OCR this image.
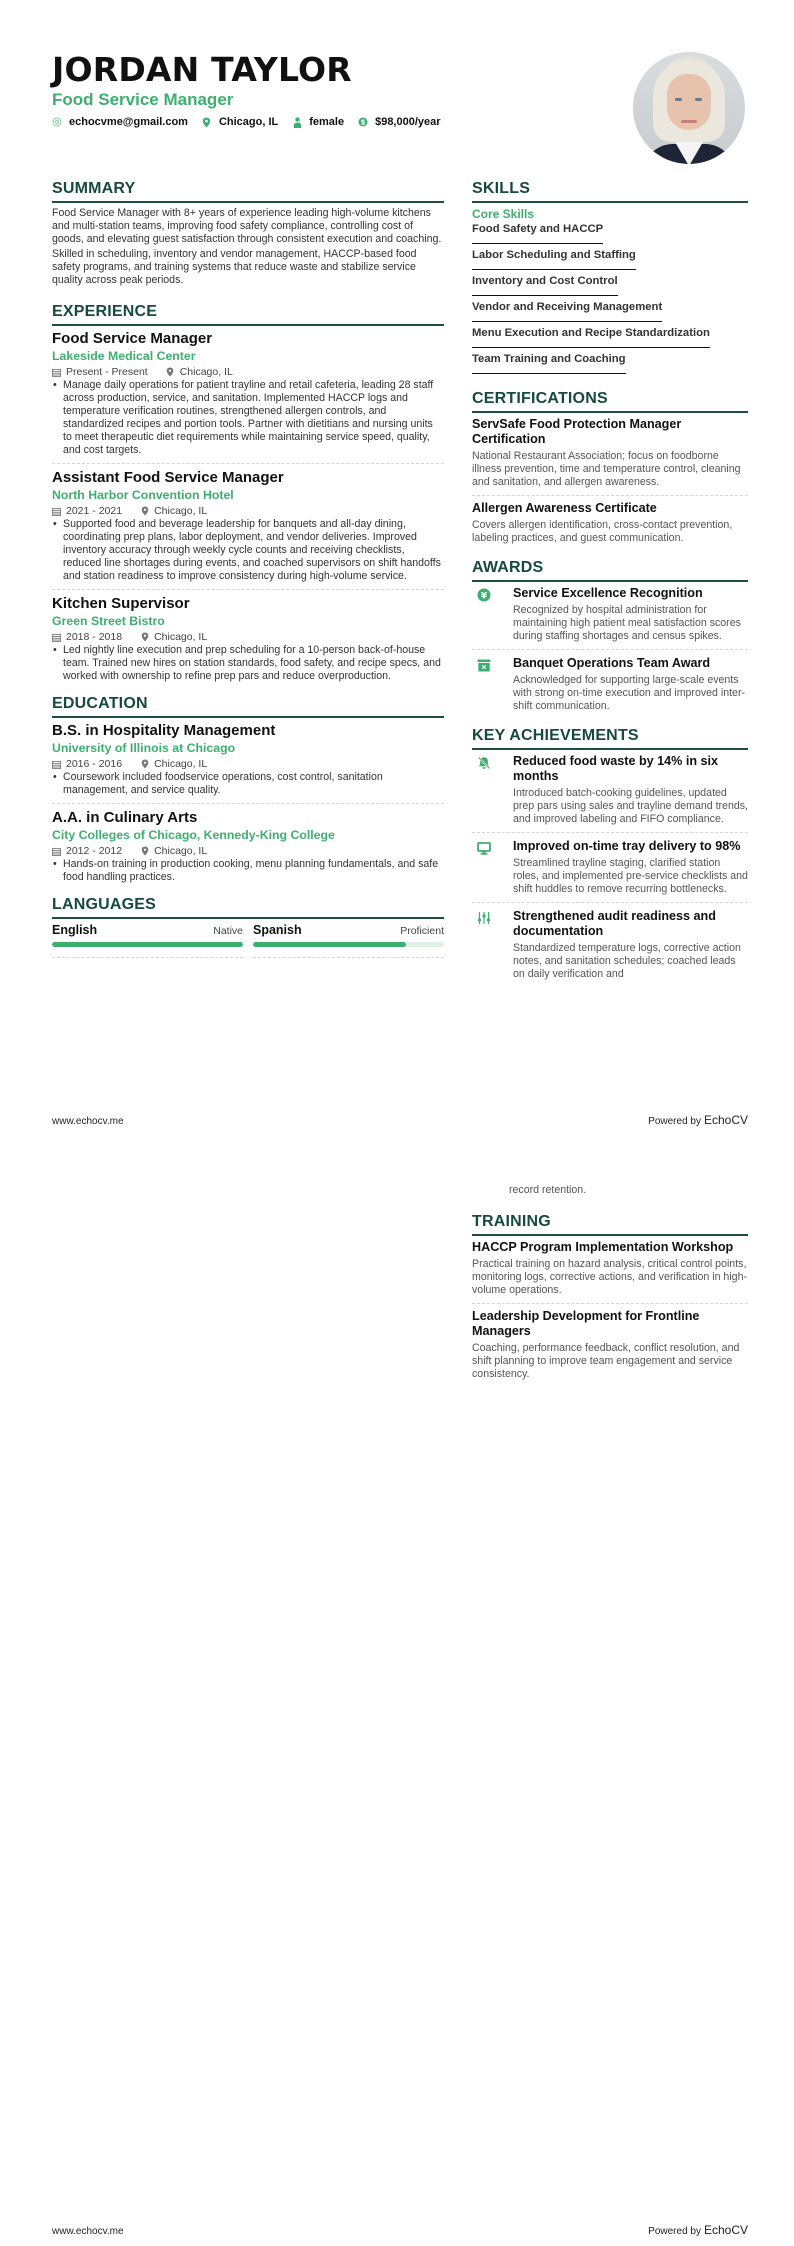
JORDAN TAYLOR
Food Service Manager
echocvme@gmail.com	Chicago, IL	female $ $98,000/year
SUMMARY

Food Service Manager with 8+ years of experience leading high-volume kitchens and multi-station teams, improving food safety compliance, controlling cost of goods, and elevating guest satisfaction through consistent execution and coaching.

Skilled in scheduling, inventory and vendor management, HACCP-based food safety programs, and training systems that reduce waste and stabilize service quality across peak periods.

EXPERIENCE
Food Service Manager
Lakeside Medical Center
Present - Present	Chicago, IL
• Manage daily operations for patient trayline and retail cafeteria, leading 28 staff across production, service, and sanitation. Implemented HACCP logs and temperature verification routines, strengthened allergen controls, and standardized recipes and portion tools. Partner with dietitians and nursing units to meet therapeutic diet requirements while maintaining service speed, quality, and cost targets.
Assistant Food Service Manager
North Harbor Convention Hotel
2021 - 2021	Chicago, IL
• Supported food and beverage leadership for banquets and all-day dining, coordinating prep plans, labor deployment, and vendor deliveries. Improved inventory accuracy through weekly cycle counts and receiving checklists, reduced line shortages during events, and coached supervisors on shift handoffs and station readiness to improve consistency during high-volume service.
Kitchen Supervisor
Green Street Bistro
2018 - 2018	Chicago, IL
• Led nightly line execution and prep scheduling for a 10-person back-of-house team. Trained new hires on station standards, food safety, and recipe specs, and worked with ownership to refine prep pars and reduce overproduction.
EDUCATION
B.S. in Hospitality Management
University of Illinois at Chicago
2016 - 2016	Chicago, IL
• Coursework included foodservice operations, cost control, sanitation management, and service quality.
A.A. in Culinary Arts
City Colleges of Chicago, Kennedy-King College
2012 - 2012	Chicago, IL
• Hands-on training in production cooking, menu planning fundamentals, and safe food handling practices.
LANGUAGES
English	Native Spanish	Proficient
SKILLS
Core Skills
Food Safety and HACCP
Labor Scheduling and Staffing
Inventory and Cost Control
Vendor and Receiving Management
Menu Execution and Recipe Standardization
Team Training and Coaching
CERTIFICATIONS
ServSafe Food Protection Manager Certification
National Restaurant Association; focus on foodborne illness prevention, time and temperature control, cleaning and sanitation, and allergen awareness.
Allergen Awareness Certificate
Covers allergen identification, cross-contact prevention, labeling practices, and guest communication.
AWARDS
¥ Service Excellence Recognition
Recognized by hospital administration for maintaining high patient meal satisfaction scores during staffing shortages and census spikes.
Banquet Operations Team Award
Acknowledged for supporting large-scale events with strong on-time execution and improved inter-shift communication.
KEY ACHIEVEMENTS
Reduced food waste by 14% in six months
Introduced batch-cooking guidelines, updated prep pars using sales and trayline demand trends, and improved labeling and FIFO compliance.
Improved on-time tray delivery to 98%
Streamlined trayline staging, clarified station roles, and implemented pre-service checklists and shift huddles to remove recurring bottlenecks.
Strengthened audit readiness and documentation
Standardized temperature logs, corrective action notes, and sanitation schedules; coached leads on daily verification and
www.echocv.me	Powered by EchoCV
record retention.
TRAINING
HACCP Program Implementation Workshop
Practical training on hazard analysis, critical control points, monitoring logs, corrective actions, and verification in high-volume operations.
Leadership Development for Frontline Managers
Coaching, performance feedback, conflict resolution, and shift planning to improve team engagement and service consistency.
www.echocv.me	Powered by EchoCV
